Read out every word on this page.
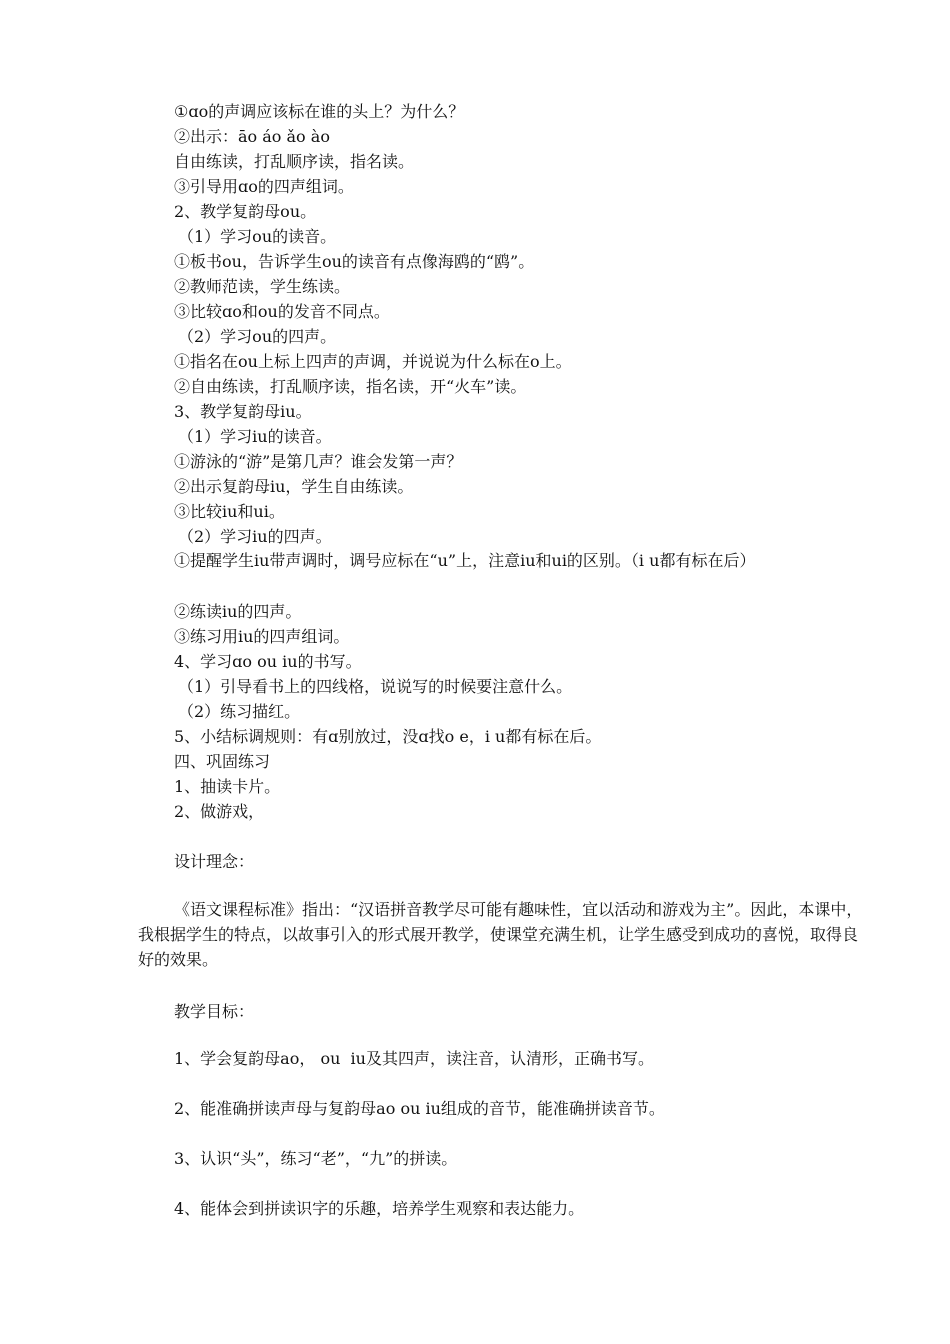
①ɑo的声调应该标在谁的头上？为什么？
②出示：āo áo ǎo ào
自由练读，打乱顺序读，指名读。
③引导用ɑo的四声组词。
2、教学复韵母ou。
（1）学习ou的读音。
①板书ou，告诉学生ou的读音有点像海鸥的“鸥”。
②教师范读，学生练读。
③比较ɑo和ou的发音不同点。
（2）学习ou的四声。
①指名在ou上标上四声的声调，并说说为什么标在o上。
②自由练读，打乱顺序读，指名读，开“火车”读。
3、教学复韵母iu。
（1）学习iu的读音。
①游泳的“游”是第几声？谁会发第一声？
②出示复韵母iu，学生自由练读。
③比较iu和ui。
（2）学习iu的四声。
①提醒学生iu带声调时，调号应标在“u”上，注意iu和ui的区别。（i u都有标在后）
②练读iu的四声。
③练习用iu的四声组词。
4、学习ɑo ou iu的书写。
（1）引导看书上的四线格，说说写的时候要注意什么。
（2）练习描红。
5、小结标调规则：有ɑ别放过，没ɑ找o e，i u都有标在后。
四、巩固练习
1、抽读卡片。
2、做游戏，
设计理念：
《语文课程标准》指出：“汉语拼音教学尽可能有趣味性，宜以活动和游戏为主”。因此，本课中，我根据学生的特点，以故事引入的形式展开教学，使课堂充满生机，让学生感受到成功的喜悦，取得良好的效果。
教学目标：
1、学会复韵母ao， ou  iu及其四声，读注音，认清形，正确书写。
2、能准确拼读声母与复韵母ao ou iu组成的音节，能准确拼读音节。
3、认识“头”，练习“老”，“九”的拼读。
4、能体会到拼读识字的乐趣，培养学生观察和表达能力。
